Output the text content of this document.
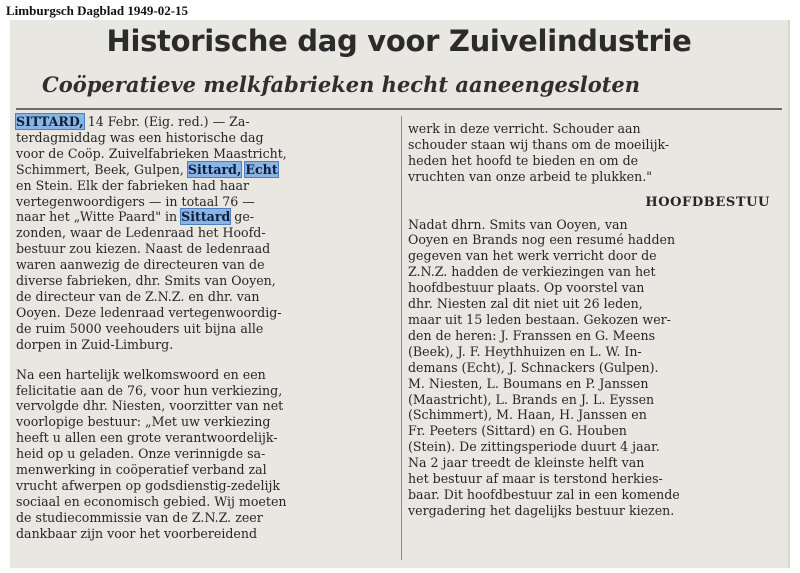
Limburgsch Dagblad 1949-02-15
Historische dag voor Zuivelindustrie
Coöperatieve melkfabrieken hecht aaneengesloten
SITTARD, 14 Febr. (Eig. red.) — Za-
terdagmiddag was een historische dag
voor de Coöp. Zuivelfabrieken Maastricht,
Schimmert, Beek, Gulpen, Sittard, Echt
en Stein. Elk der fabrieken had haar
vertegenwoordigers — in totaal 76 —
naar het „Witte Paard" in Sittard ge-
zonden, waar de Ledenraad het Hoofd-
bestuur zou kiezen. Naast de ledenraad
waren aanwezig de directeuren van de
diverse fabrieken, dhr. Smits van Ooyen,
de directeur van de Z.N.Z. en dhr. van
Ooyen. Deze ledenraad vertegenwoordig-
de ruim 5000 veehouders uit bijna alle
dorpen in Zuid-Limburg.
Na een hartelijk welkomswoord en een
felicitatie aan de 76, voor hun verkiezing,
vervolgde dhr. Niesten, voorzitter van net
voorlopige bestuur: „Met uw verkiezing
heeft u allen een grote verantwoordelijk-
heid op u geladen. Onze verinnigde sa-
menwerking in coöperatief verband zal
vrucht afwerpen op godsdienstig-zedelijk
sociaal en economisch gebied. Wij moeten
de studiecommissie van de Z.N.Z. zeer
dankbaar zijn voor het voorbereidend
werk in deze verricht. Schouder aan
schouder staan wij thans om de moeilijk-
heden het hoofd te bieden en om de
vruchten van onze arbeid te plukken."
HOOFDBESTUU
Nadat dhrn. Smits van Ooyen, van
Ooyen en Brands nog een resumé hadden
gegeven van het werk verricht door de
Z.N.Z. hadden de verkiezingen van het
hoofdbestuur plaats. Op voorstel van
dhr. Niesten zal dit niet uit 26 leden,
maar uit 15 leden bestaan. Gekozen wer-
den de heren: J. Franssen en G. Meens
(Beek), J. F. Heythhuizen en L. W. In-
demans (Echt), J. Schnackers (Gulpen).
M. Niesten, L. Boumans en P. Janssen
(Maastricht), L. Brands en J. L. Eyssen
(Schimmert), M. Haan, H. Janssen en
Fr. Peeters (Sittard) en G. Houben
(Stein). De zittingsperiode duurt 4 jaar.
Na 2 jaar treedt de kleinste helft van
het bestuur af maar is terstond herkies-
baar. Dit hoofdbestuur zal in een komende
vergadering het dagelijks bestuur kiezen.
